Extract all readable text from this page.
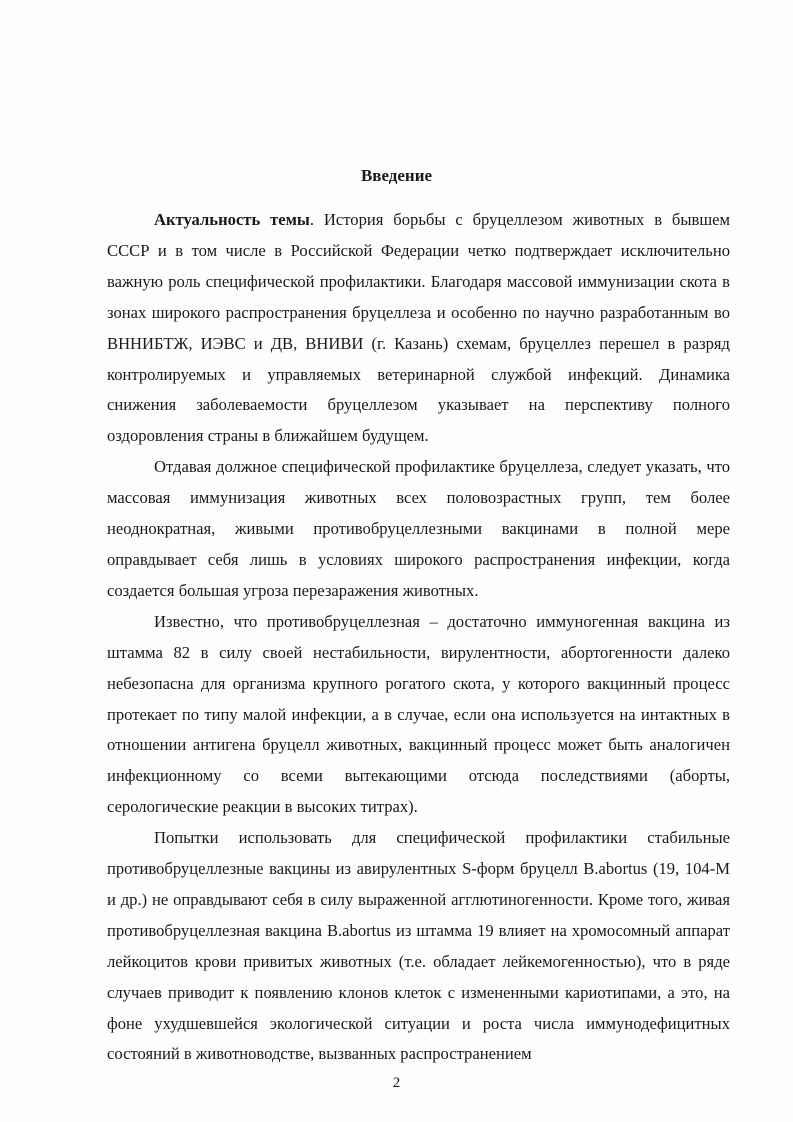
Введение

Актуальность темы. История борьбы с бруцеллезом животных в бывшем СССР и в том числе в Российской Федерации четко подтверждает исключительно важную роль специфической профилактики. Благодаря массовой иммунизации скота в зонах широкого распространения бруцеллеза и особенно по научно разработанным во ВННИБТЖ, ИЭВС и ДВ, ВНИВИ (г. Казань) схемам, бруцеллез перешел в разряд контролируемых и управляемых ветеринарной службой инфекций. Динамика снижения заболеваемости бруцеллезом указывает на перспективу полного оздоровления страны в ближайшем будущем.

Отдавая должное специфической профилактике бруцеллеза, следует указать, что массовая иммунизация животных всех половозрастных групп, тем более неоднократная, живыми противобруцеллезными вакцинами в полной мере оправдывает себя лишь в условиях широкого распространения инфекции, когда создается большая угроза перезаражения животных.

Известно, что противобруцеллезная – достаточно иммуногенная вакцина из штамма 82 в силу своей нестабильности, вирулентности, абортогенности далеко небезопасна для организма крупного рогатого скота, у которого вакцинный процесс протекает по типу малой инфекции, а в случае, если она используется на интактных в отношении антигена бруцелл животных, вакцинный процесс может быть аналогичен инфекционному со всеми вытекающими отсюда последствиями (аборты, серологические реакции в высоких титрах).

Попытки использовать для специфической профилактики стабильные противобруцеллезные вакцины из авирулентных S-форм бруцелл B.abortus (19, 104-М и др.) не оправдывают себя в силу выраженной агглютиногенности. Кроме того, живая противобруцеллезная вакцина B.abortus из штамма 19 влияет на хромосомный аппарат лейкоцитов крови привитых животных (т.е. обладает лейкемогенностью), что в ряде случаев приводит к появлению клонов клеток с измененными кариотипами, а это, на фоне ухудшевшейся экологической ситуации и роста числа иммунодефицитных состояний в животноводстве, вызванных распространением

2
